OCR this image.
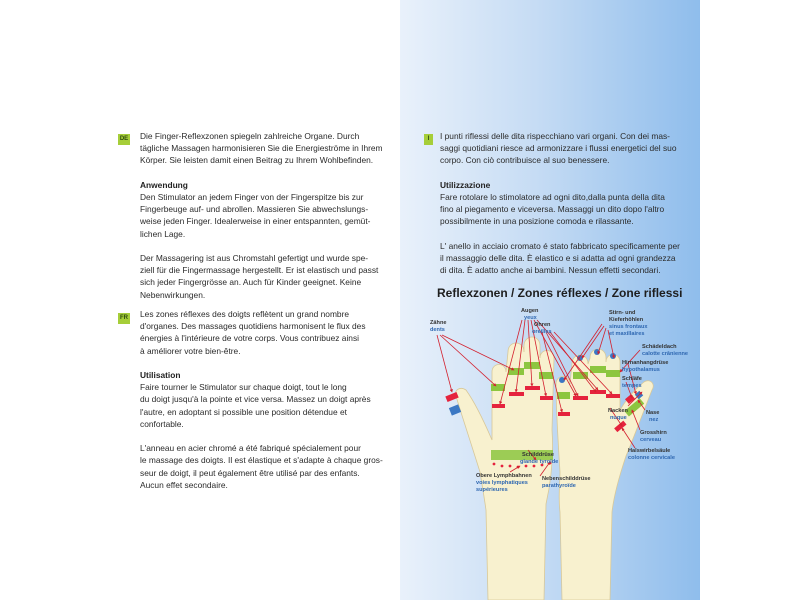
DE Die Finger-Reflexzonen spiegeln zahlreiche Organe. Durch

tägliche Massagen harmonisieren Sie die Energieströme in Ihrem

Körper. Sie leisten damit einen Beitrag zu Ihrem Wohlbefinden.

Anwendung

Den Stimulator an jedem Finger von der Fingerspitze bis zur

Fingerbeuge auf- und abrollen. Massieren Sie abwechslungs-

weise jeden Finger. Idealerweise in einer entspannten, gemüt-

lichen Lage.

Der Massagering ist aus Chromstahl gefertigt und wurde spe-

ziell für die Fingermassage hergestellt. Er ist elastisch und passt

sich jeder Fingergrösse an. Auch für Kinder geeignet. Keine

Nebenwirkungen.

FR Les zones réflexes des doigts reflètent un grand nombre

d'organes. Des massages quotidiens harmonisent le flux des

énergies à l'intérieure de votre corps. Vous contribuez ainsi

à améliorer votre bien-être.

Utilisation

Faire tourner le Stimulator sur chaque doigt, tout le long

du doigt jusqu'à la pointe et vice versa. Massez un doigt après

l'autre, en adoptant si possible une position détendue et

confortable.

L'anneau en acier chromé a été fabriqué spécialement pour

le massage des doigts. Il est élastique et s'adapte à chaque gros-

seur de doigt, il peut également être utilisé par des enfants.

Aucun effet secondaire.

I	I punti riflessi delle dita rispecchiano vari organi. Con dei mas-

saggi quotidiani riesce ad armonizzare i flussi energetici del suo

corpo. Con ciò contribuisce al suo benessere.

Utilizzazione

Fare rotolare lo stimolatore ad ogni dito,dalla punta della dita

fino al piegamento e viceversa. Massaggi un dito dopo l'altro

possibilmente in una posizione comoda e rilassante.

L' anello in acciaio cromato é stato fabbricato specificamente per

il massaggio delle dita. È elastico e si adatta ad ogni grandezza

di dita. È adatto anche ai bambini. Nessun effetti secondari.

Reflexzonen / Zones réflexes / Zone riflessi
Zähne
dents
Augen
yeux
Ohren
oreilles
Stirn- und
Kieferhöhlen
sinus frontaux
et maxillaires
Schädeldach
calotte crânienne
Hirnanhangdrüse
hypothalamus
Schläfe
tempes
Nase
nez
Grosshirn
cerveau
Halswirbelsäule
colonne cervicale
Nacken
nuque
Obere Lymphbahnen
voies lymphatiques
supérieures
Schilddrüse
glande tyroïde
Nebenschilddrüse
parathyroïde
